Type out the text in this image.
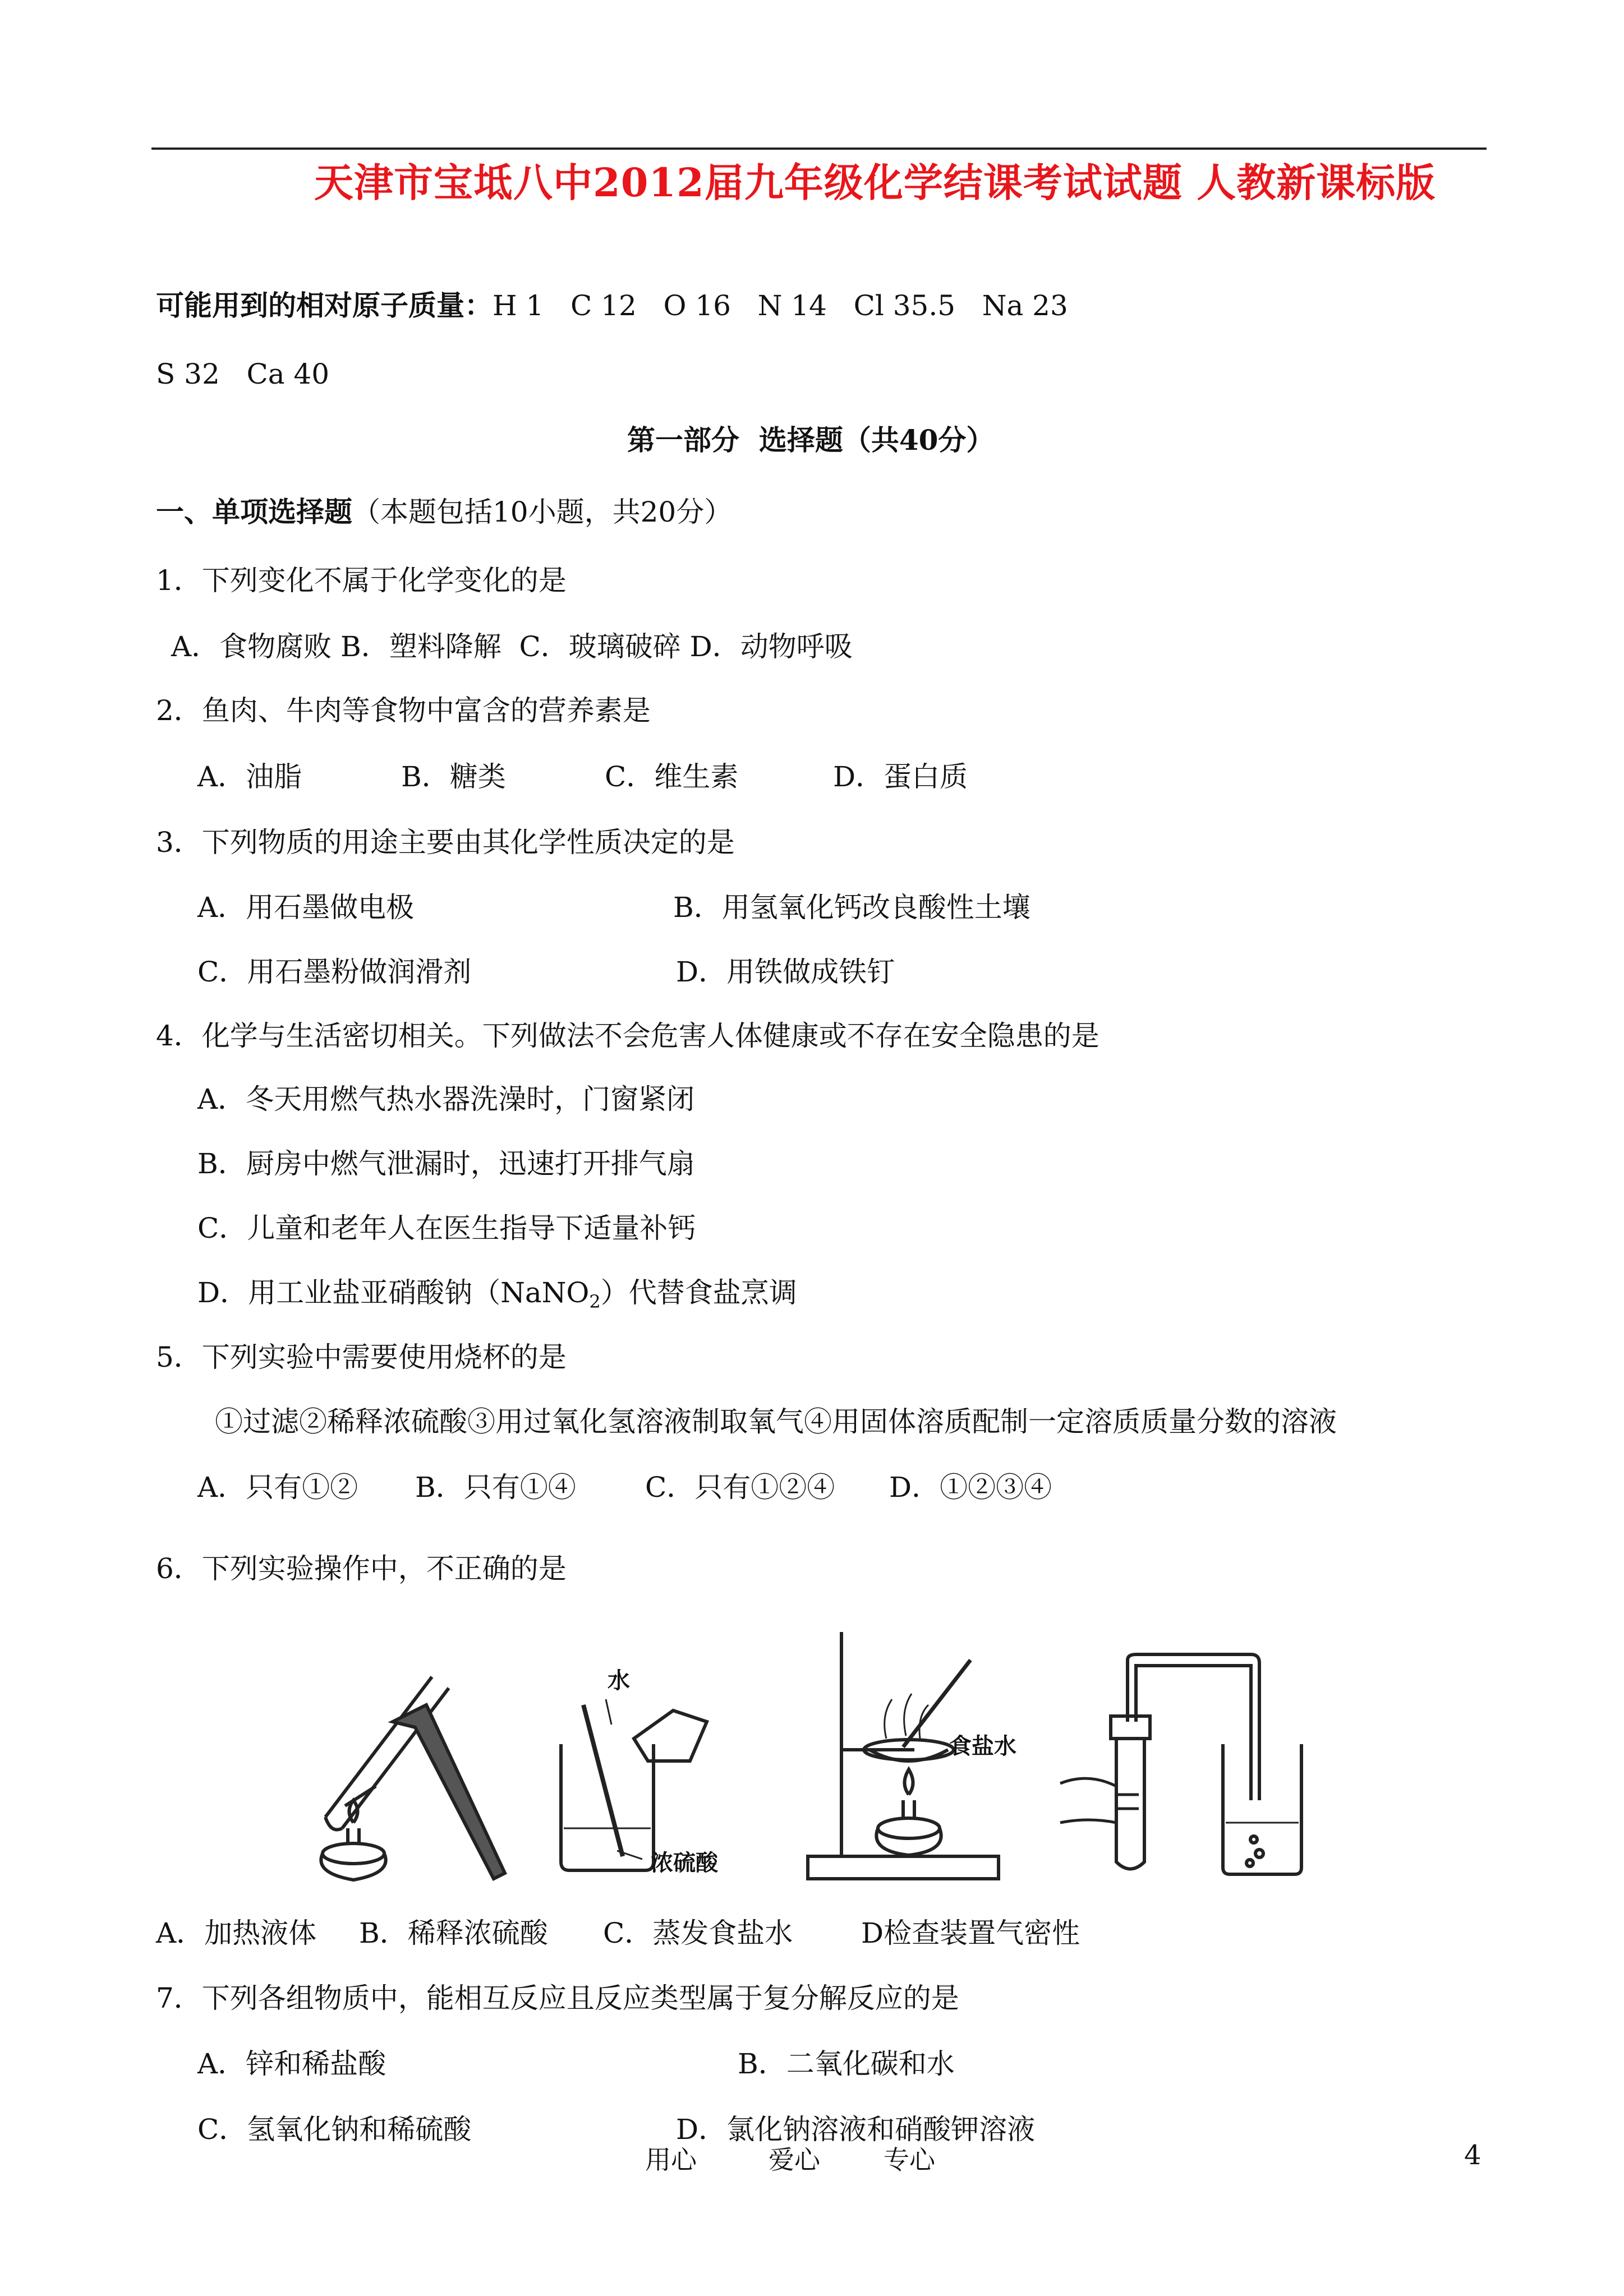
天津市宝坻八中2012届九年级化学结课考试试题 人教新课标版
可能用到的相对原子质量：H 1   C 12   O 16   N 14   Cl 35.5   Na 23
S 32   Ca 40
第一部分  选择题（共40分）
一、单项选择题（本题包括10小题，共20分）
1．下列变化不属于化学变化的是
A．食物腐败 B．塑料降解  C．玻璃破碎 D．动物呼吸
2．鱼肉、牛肉等食物中富含的营养素是
A．油脂	B．糖类	C．维生素	D．蛋白质
3．下列物质的用途主要由其化学性质决定的是
A．用石墨做电极	B．用氢氧化钙改良酸性土壤
C．用石墨粉做润滑剂	D．用铁做成铁钉
4．化学与生活密切相关。下列做法不会危害人体健康或不存在安全隐患的是
A．冬天用燃气热水器洗澡时，门窗紧闭
B．厨房中燃气泄漏时，迅速打开排气扇
C．儿童和老年人在医生指导下适量补钙
D．用工业盐亚硝酸钠（NaNO$_2$）代替食盐烹调
5．下列实验中需要使用烧杯的是
①过滤②稀释浓硫酸③用过氧化氢溶液制取氧气④用固体溶质配制一定溶质质量分数的溶液
A．只有①② B．只有①④ C．只有①②④ D．①②③④
6．下列实验操作中，不正确的是
水
浓硫酸
食盐水
A．加热液体 B．稀释浓硫酸 C．蒸发食盐水 D检查装置气密性
7．下列各组物质中，能相互反应且反应类型属于复分解反应的是
A．锌和稀盐酸	B．二氧化碳和水
C．氢氧化钠和稀硫酸	D．氯化钠溶液和硝酸钾溶液
用心	爱心 专心	4
